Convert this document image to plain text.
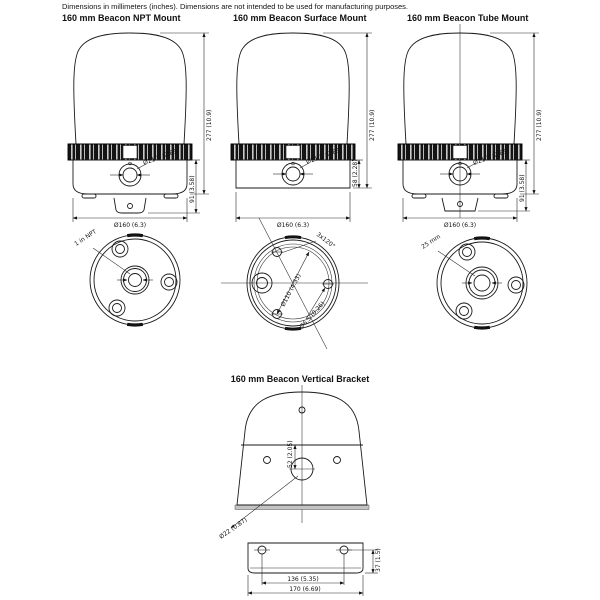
Dimensions in millimeters (inches). Dimensions are not intended to be used for manufacturing purposes.
160 mm Beacon NPT Mount	160 mm Beacon Surface Mount	160 mm Beacon Tube Mount
277 (10.9)
91 (3.58)
Ø21.5 (0.85)
Ø160 (6.3)
277 (10.9)
58 (2.28)
Ø21.5 (0.85)
Ø160 (6.3)
277 (10.9)
91 (3.58)
Ø21.5 (0.85)
Ø160 (6.3)
1 in NPT	3x120°
Ø110 (4.33)
Ø6.5 (0.26)
25 mm
160 mm Beacon Vertical Bracket
52 (2.05)
Ø22 (0.87)
37 (1.5)
136 (5.35)
170 (6.69)
